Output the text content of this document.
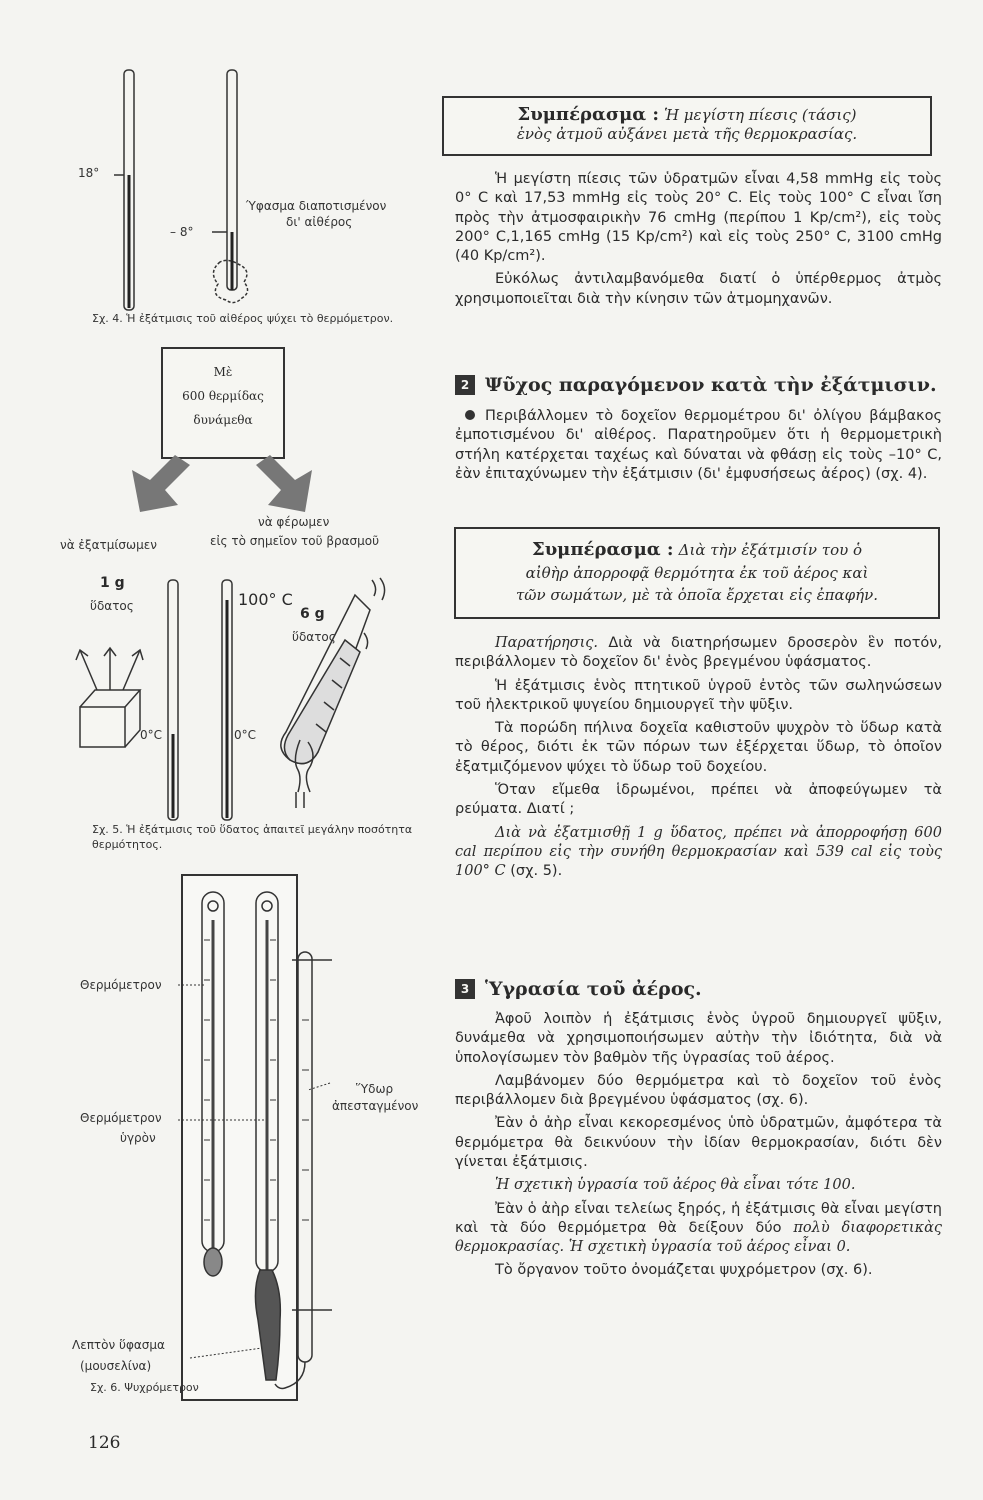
18°
– 8°
Ύφασμα διαποτισμένον
δι' αἰθέρος
Σχ. 4. Ἡ ἐξάτμισις τοῦ αἰθέρος ψύχει τὸ θερμόμετρον.
Μὲ
600 θερμίδας
δυνάμεθα
νὰ ἐξατμίσωμεν
νὰ φέρωμεν
εἰς τὸ σημεῖον τοῦ βρασμοῦ
1 g
ὕδατος	100° C
6 g
ὕδατος
0°C	0°C
Σχ. 5. Ἡ ἐξάτμισις τοῦ ὕδατος ἀπαιτεῖ μεγάλην ποσότητα θερμότητος.
Θερμόμετρον
Θερμόμετρον
ὑγρὸν
Ὕδωρ
ἀπεσταγμένον
Λεπτὸν ὕφασμα
(μουσελίνα)
Σχ. 6. Ψυχρόμετρον
Συμπέρασμα : Ἡ μεγίστη πίεσις (τάσις)
ἑνὸς ἀτμοῦ αὐξάνει μετὰ τῆς θερμοκρασίας.

Ἡ μεγίστη πίεσις τῶν ὑδρατμῶν εἶναι 4,58 mmHg εἰς τοὺς 0° C καὶ 17,53 mmHg εἰς τοὺς 20° C. Εἰς τοὺς 100° C εἶναι ἴση πρὸς τὴν ἀτμοσφαιρικὴν 76 cmHg (περίπου 1 Kp/cm²), εἰς τοὺς 200° C,1,165 cmHg (15 Kp/cm²) καὶ εἰς τοὺς 250° C, 3100 cmHg (40 Kp/cm²).

Εὐκόλως ἀντιλαμβανόμεθα διατί ὁ ὑπέρθερμος ἀτμὸς χρησιμοποιεῖται διὰ τὴν κίνησιν τῶν ἀτμομηχανῶν.

2 Ψῦχος παραγόμενον κατὰ τὴν ἐξάτμισιν.

Περιβάλλομεν τὸ δοχεῖον θερμομέτρου δι' ὀλίγου βάμβακος ἐμποτισμένου δι' αἰθέρος. Παρατηροῦμεν ὅτι ἡ θερμομετρικὴ στήλη κατέρχεται ταχέως καὶ δύναται νὰ φθάσῃ εἰς τοὺς –10° C, ἐὰν ἐπιταχύνωμεν τὴν ἐξάτμισιν (δι' ἐμφυσήσεως ἀέρος) (σχ. 4).

Συμπέρασμα : Διὰ τὴν ἐξάτμισίν του ὁ
αἰθὴρ ἀπορροφᾷ θερμότητα ἐκ τοῦ ἀέρος καὶ
τῶν σωμάτων, μὲ τὰ ὁποῖα ἔρχεται εἰς ἐπαφήν.

Παρατήρησις. Διὰ νὰ διατηρήσωμεν δροσερὸν ἓν ποτόν, περιβάλλομεν τὸ δοχεῖον δι' ἑνὸς βρεγμένου ὑφάσματος.

Ἡ ἐξάτμισις ἑνὸς πτητικοῦ ὑγροῦ ἐντὸς τῶν σωληνώσεων τοῦ ἠλεκτρικοῦ ψυγείου δημιουργεῖ τὴν ψῦξιν.

Τὰ πορώδη πήλινα δοχεῖα καθιστοῦν ψυχρὸν τὸ ὕδωρ κατὰ τὸ θέρος, διότι ἐκ τῶν πόρων των ἐξέρχεται ὕδωρ, τὸ ὁποῖον ἐξατμιζόμενον ψύχει τὸ ὕδωρ τοῦ δοχείου.

Ὅταν εἴμεθα ἱδρωμένοι, πρέπει νὰ ἀποφεύγωμεν τὰ ρεύματα. Διατί ;

Διὰ νὰ ἐξατμισθῇ 1 g ὕδατος, πρέπει νὰ ἀπορροφήσῃ 600 cal περίπου εἰς τὴν συνήθη θερμοκρασίαν καὶ 539 cal εἰς τοὺς 100° C (σχ. 5).

3 Ὑγρασία τοῦ ἀέρος.

Ἀφοῦ λοιπὸν ἡ ἐξάτμισις ἑνὸς ὑγροῦ δημιουργεῖ ψῦξιν, δυνάμεθα νὰ χρησιμοποιήσωμεν αὐτὴν τὴν ἰδιότητα, διὰ νὰ ὑπολογίσωμεν τὸν βαθμὸν τῆς ὑγρασίας τοῦ ἀέρος.

Λαμβάνομεν δύο θερμόμετρα καὶ τὸ δοχεῖον τοῦ ἑνὸς περιβάλλομεν διὰ βρεγμένου ὑφάσματος (σχ. 6).

Ἐὰν ὁ ἀὴρ εἶναι κεκορεσμένος ὑπὸ ὑδρατμῶν, ἀμφότερα τὰ θερμόμετρα θὰ δεικνύουν τὴν ἰδίαν θερμοκρασίαν, διότι δὲν γίνεται ἐξάτμισις.

Ἡ σχετικὴ ὑγρασία τοῦ ἀέρος θὰ εἶναι τότε 100.

Ἐὰν ὁ ἀὴρ εἶναι τελείως ξηρός, ἡ ἐξάτμισις θὰ εἶναι μεγίστη καὶ τὰ δύο θερμόμετρα θὰ δείξουν δύο πολὺ διαφορετικὰς θερμοκρασίας. Ἡ σχετικὴ ὑγρασία τοῦ ἀέρος εἶναι 0.

Τὸ ὄργανον τοῦτο ὀνομάζεται ψυχρόμετρον (σχ. 6).

126
